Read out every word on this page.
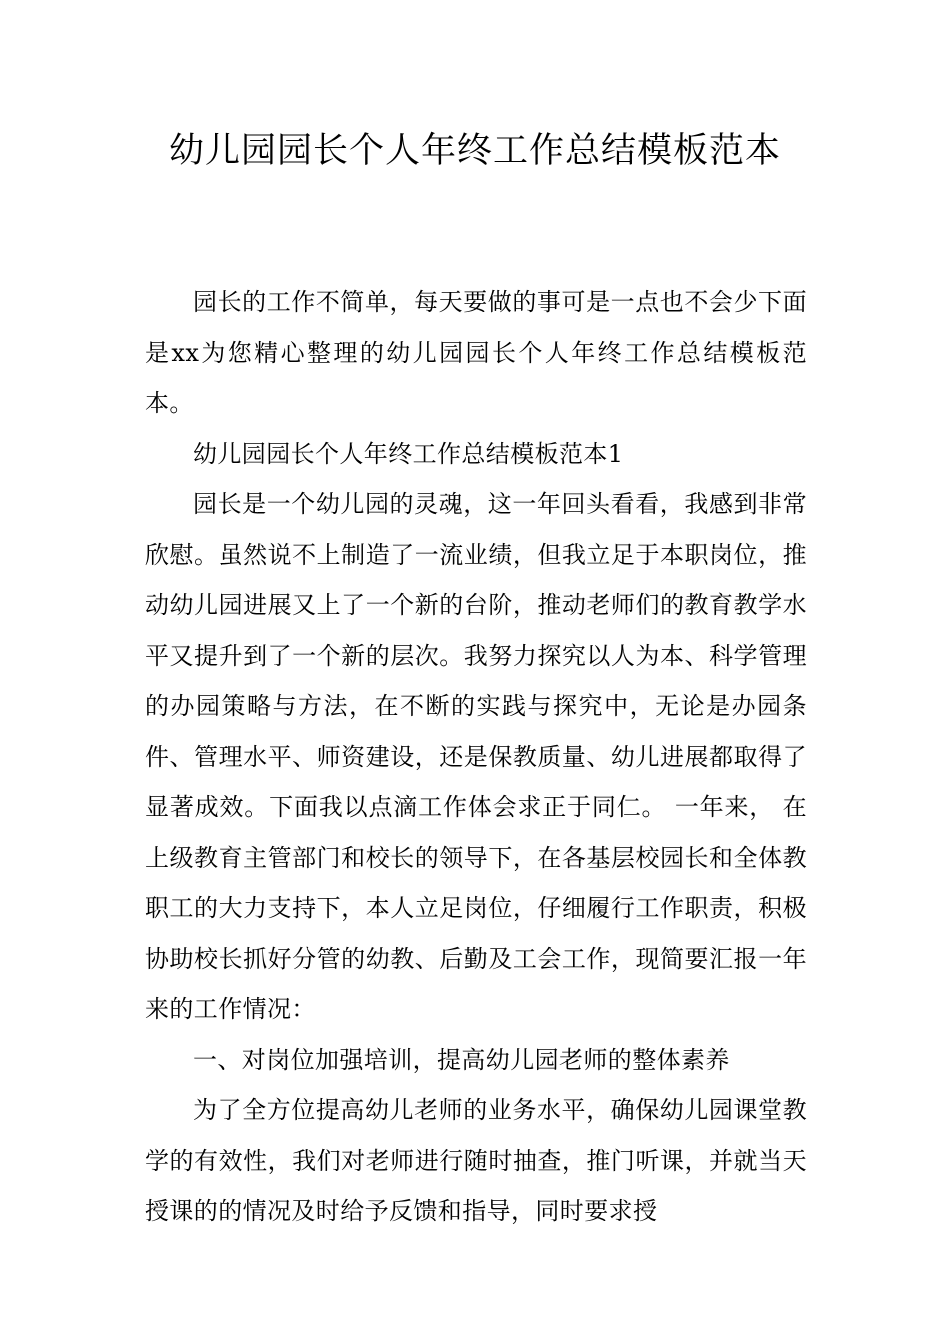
幼儿园园长个人年终工作总结模板范本

园长的工作不简单，每天要做的事可是一点也不会少下面是xx为您精心整理的幼儿园园长个人年终工作总结模板范本。

幼儿园园长个人年终工作总结模板范本1

园长是一个幼儿园的灵魂，这一年回头看看，我感到非常欣慰。虽然说不上制造了一流业绩，但我立足于本职岗位，推动幼儿园进展又上了一个新的台阶，推动老师们的教育教学水平又提升到了一个新的层次。我努力探究以人为本、科学管理的办园策略与方法，在不断的实践与探究中，无论是办园条件、管理水平、师资建设，还是保教质量、幼儿进展都取得了显著成效。下面我以点滴工作体会求正于同仁。 一年来， 在上级教育主管部门和校长的领导下，在各基层校园长和全体教职工的大力支持下，本人立足岗位，仔细履行工作职责，积极协助校长抓好分管的幼教、后勤及工会工作，现简要汇报一年来的工作情况：

一、对岗位加强培训，提高幼儿园老师的整体素养

为了全方位提高幼儿老师的业务水平，确保幼儿园课堂教学的有效性，我们对老师进行随时抽查，推门听课，并就当天授课的的情况及时给予反馈和指导，同时要求授
